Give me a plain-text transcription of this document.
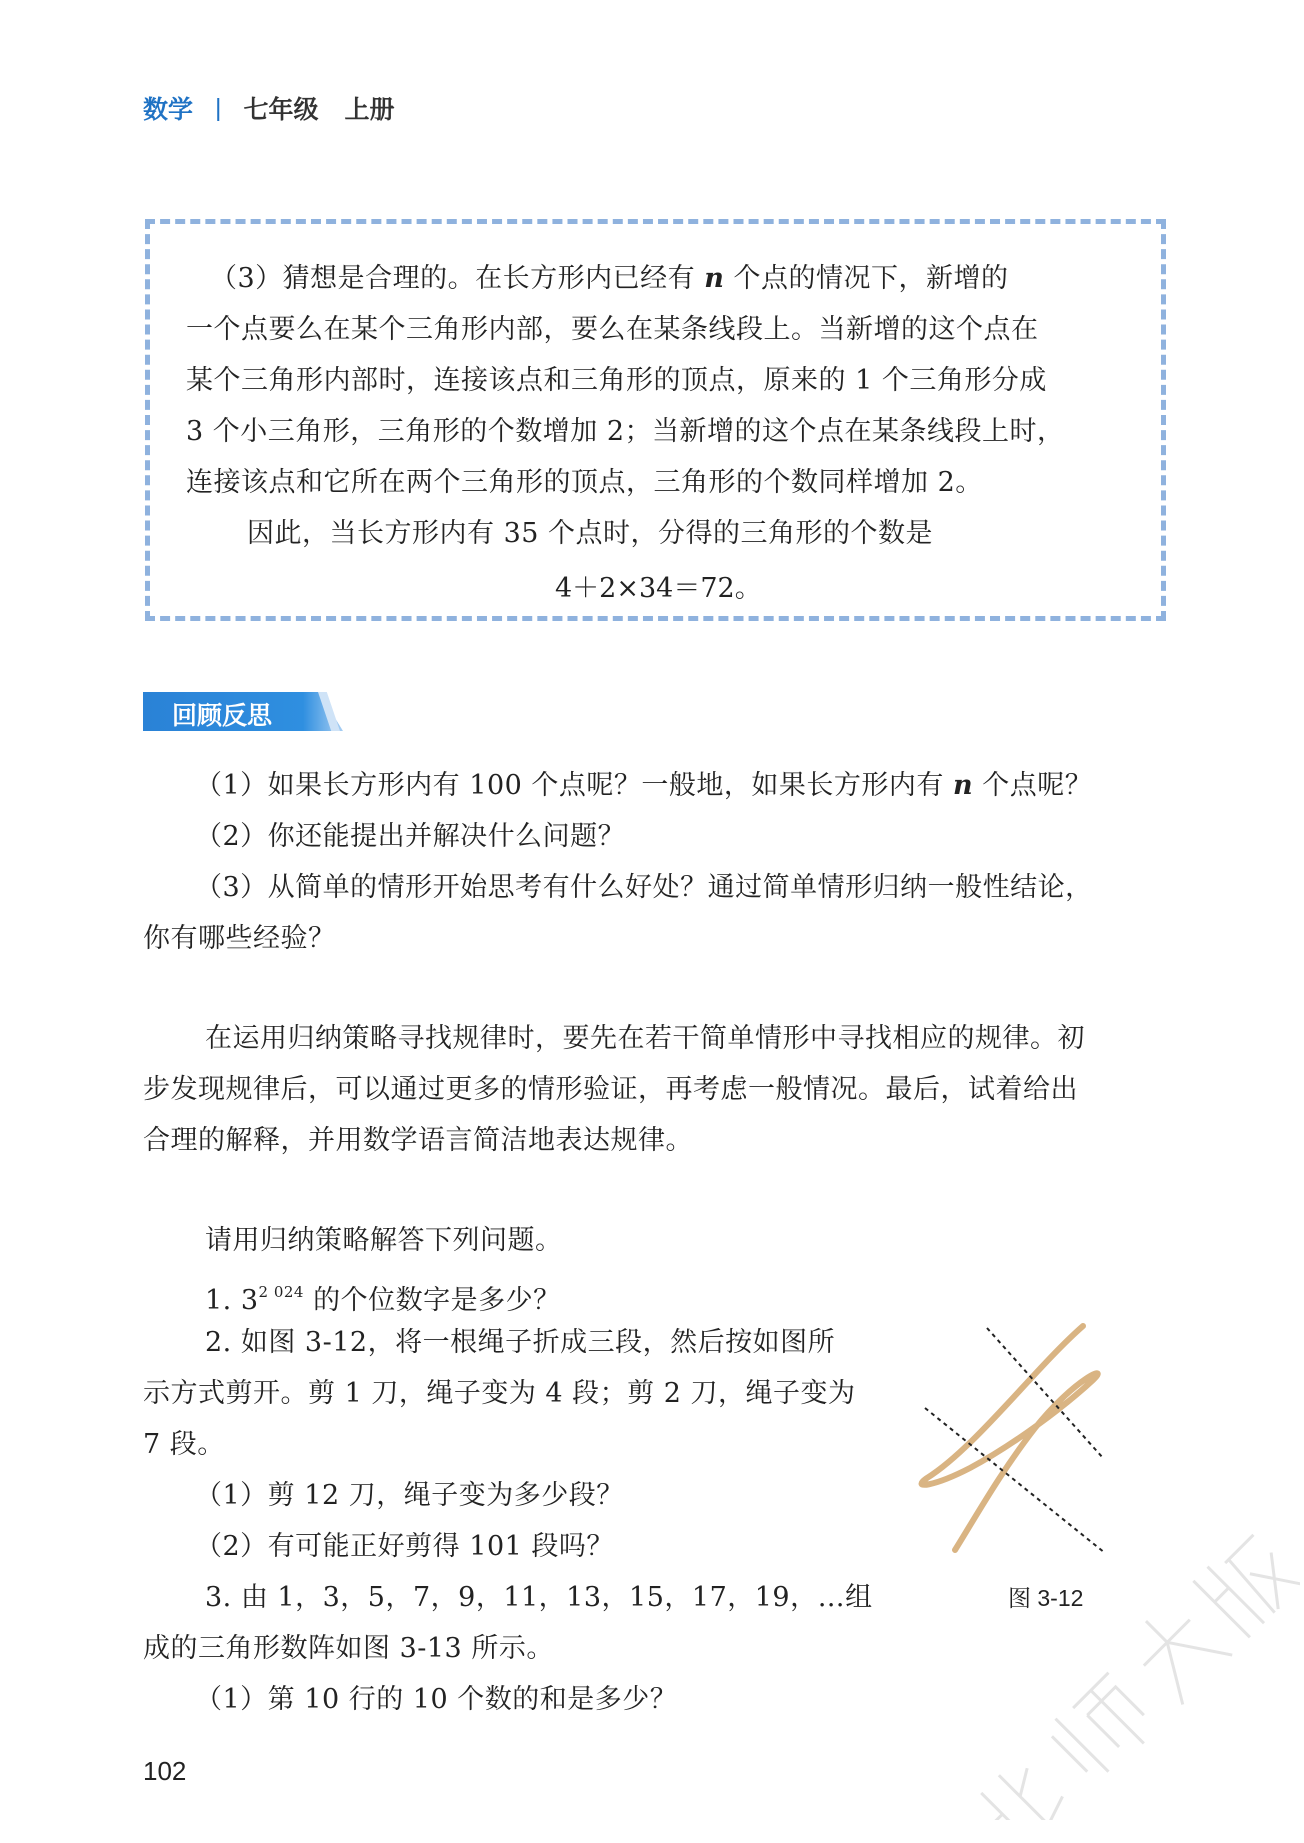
数学 | 七年级 上册
（3）猜想是合理的。在长方形内已经有 n 个点的情况下，新增的
一个点要么在某个三角形内部，要么在某条线段上。当新增的这个点在
某个三角形内部时，连接该点和三角形的顶点，原来的 1 个三角形分成
3 个小三角形，三角形的个数增加 2；当新增的这个点在某条线段上时，
连接该点和它所在两个三角形的顶点，三角形的个数同样增加 2。
因此，当长方形内有 35 个点时，分得的三角形的个数是
4＋2×34＝72。
回顾反思
（1）如果长方形内有 100 个点呢？一般地，如果长方形内有 n 个点呢？
（2）你还能提出并解决什么问题？
（3）从简单的情形开始思考有什么好处？通过简单情形归纳一般性结论，
你有哪些经验？
在运用归纳策略寻找规律时，要先在若干简单情形中寻找相应的规律。初
步发现规律后，可以通过更多的情形验证，再考虑一般情况。最后，试着给出
合理的解释，并用数学语言简洁地表达规律。
请用归纳策略解答下列问题。
1. $3^{2 024}$ 的个位数字是多少？
2. 如图 3-12，将一根绳子折成三段，然后按如图所
示方式剪开。剪 1 刀，绳子变为 4 段；剪 2 刀，绳子变为
7 段。
（1）剪 12 刀，绳子变为多少段？
（2）有可能正好剪得 101 段吗？
3. 由 1，3，5，7，9，11，13，15，17，19，…组
成的三角形数阵如图 3-13 所示。
（1）第 10 行的 10 个数的和是多少？
图 3-12
102
